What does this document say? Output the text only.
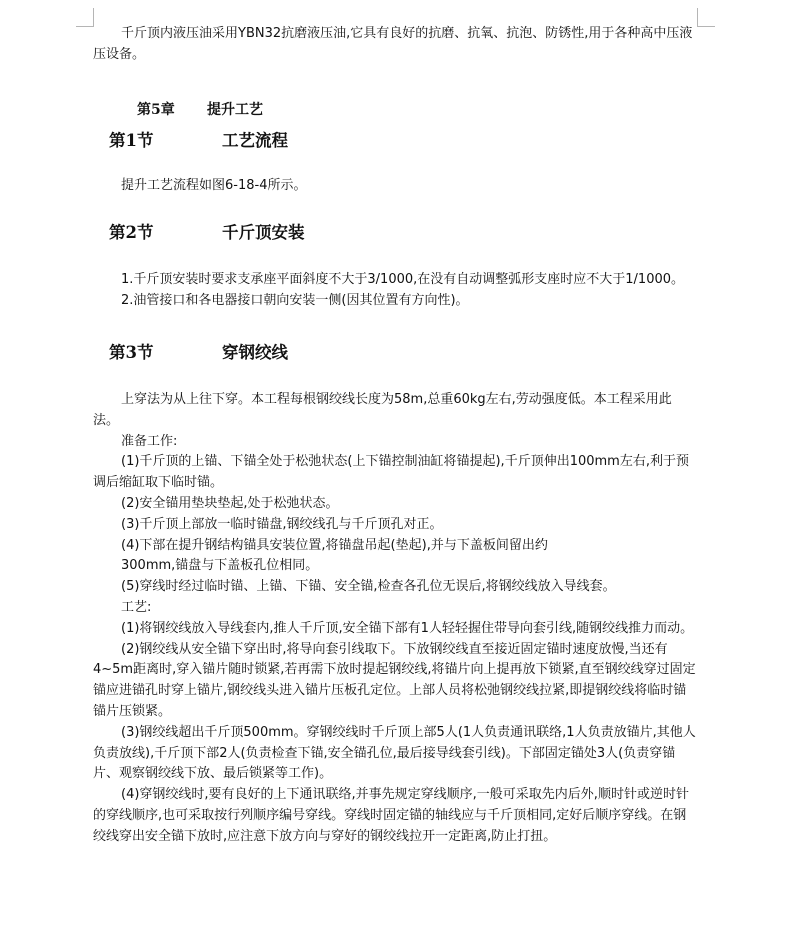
千斤顶内液压油采用YBN32抗磨液压油,它具有良好的抗磨、抗氧、抗泡、防锈性,用于各种高中压液压设备。

第5章 提升工艺
第1节	工艺流程

提升工艺流程如图6-18-4所示。

第2节	千斤顶安装

1.千斤顶安装时要求支承座平面斜度不大于3/1000,在没有自动调整弧形支座时应不大于1/1000。

2.油管接口和各电器接口朝向安装一侧(因其位置有方向性)。

第3节	穿钢绞线

上穿法为从上往下穿。本工程每根钢绞线长度为58m,总重60kg左右,劳动强度低。本工程采用此法。

准备工作:

(1)千斤顶的上锚、下锚全处于松弛状态(上下锚控制油缸将锚提起),千斤顶伸出100mm左右,利于预调后缩缸取下临时锚。

(2)安全锚用垫块垫起,处于松弛状态。

(3)千斤顶上部放一临时锚盘,钢绞线孔与千斤顶孔对正。

(4)下部在提升钢结构锚具安装位置,将锚盘吊起(垫起),并与下盖板间留出约

300mm,锚盘与下盖板孔位相同。

(5)穿线时经过临时锚、上锚、下锚、安全锚,检查各孔位无误后,将钢绞线放入导线套。

工艺:

(1)将钢绞线放入导线套内,推人千斤顶,安全锚下部有1人轻轻握住带导向套引线,随钢绞线推力而动。

(2)钢绞线从安全锚下穿出时,将导向套引线取下。下放钢绞线直至接近固定锚时速度放慢,当还有4~5m距离时,穿入锚片随时锁紧,若再需下放时提起钢绞线,将锚片向上提再放下锁紧,直至钢绞线穿过固定锚应进锚孔时穿上锚片,钢绞线头进入锚片压板孔定位。上部人员将松弛钢绞线拉紧,即提钢绞线将临时锚锚片压锁紧。

(3)钢绞线超出千斤顶500mm。穿钢绞线时千斤顶上部5人(1人负责通讯联络,1人负责放锚片,其他人负责放线),千斤顶下部2人(负责检查下锚,安全锚孔位,最后接导线套引线)。下部固定锚处3人(负责穿锚片、观察钢绞线下放、最后锁紧等工作)。

(4)穿钢绞线时,要有良好的上下通讯联络,并事先规定穿线顺序,一般可采取先内后外,顺时针或逆时针的穿线顺序,也可采取按行列顺序编号穿线。穿线时固定锚的轴线应与千斤顶相同,定好后顺序穿线。在钢绞线穿出安全锚下放时,应注意下放方向与穿好的钢绞线拉开一定距离,防止打扭。
